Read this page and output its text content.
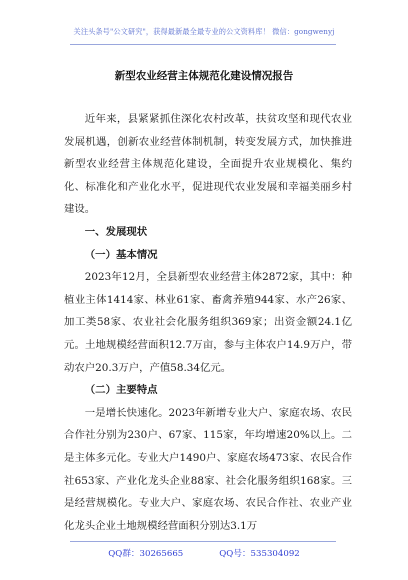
关注头条号"公文研究"，获得最新最全最专业的公文资料库！ 微信：gongwenyj
新型农业经营主体规范化建设情况报告

近年来，县紧紧抓住深化农村改革，扶贫攻坚和现代农业发展机遇，创新农业经营体制机制，转变发展方式，加快推进新型农业经营主体规范化建设，全面提升农业规模化、集约化、标准化和产业化水平，促进现代农业发展和幸福美丽乡村建设。

一、发展现状

（一）基本情况

2023年12月，全县新型农业经营主体2872家，其中：种植业主体1414家、林业61家、畜禽养殖944家、水产26家、加工类58家、农业社会化服务组织369家；出资金额24.1亿元。土地规模经营面积12.7万亩，参与主体农户14.9万户，带动农户20.3万户，产值58.34亿元。

（二）主要特点

一是增长快速化。2023年新增专业大户、家庭农场、农民合作社分别为230户、67家、115家，年均增速20%以上。二是主体多元化。专业大户1490户、家庭农场473家、农民合作社653家、产业化龙头企业88家、社会化服务组织168家。三是经营规模化。专业大户、家庭农场、农民合作社、农业产业化龙头企业土地规模经营面积分别达3.1万

QQ群：30265665	QQ号：535304092
